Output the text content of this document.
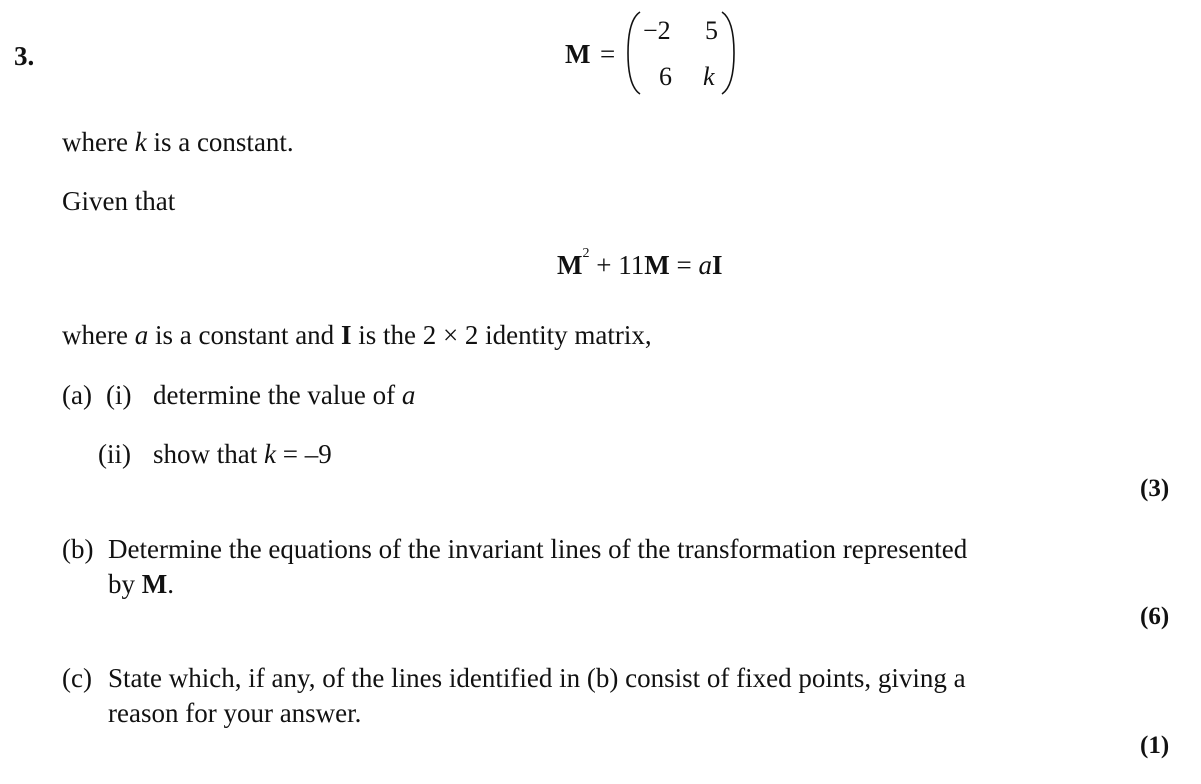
3.	M =
−2 5
6 k
where k is a constant.
Given that
$M^2 + 11M$ = aI
where a is a constant and I is the 2 × 2 identity matrix,
(a) (i) determine the value of a
(ii) show that k = –9
(3)
(b) Determine the equations of the invariant lines of the transformation represented
by M.
(6)
(c) State which, if any, of the lines identified in (b) consist of fixed points, giving a
reason for your answer.
(1)
